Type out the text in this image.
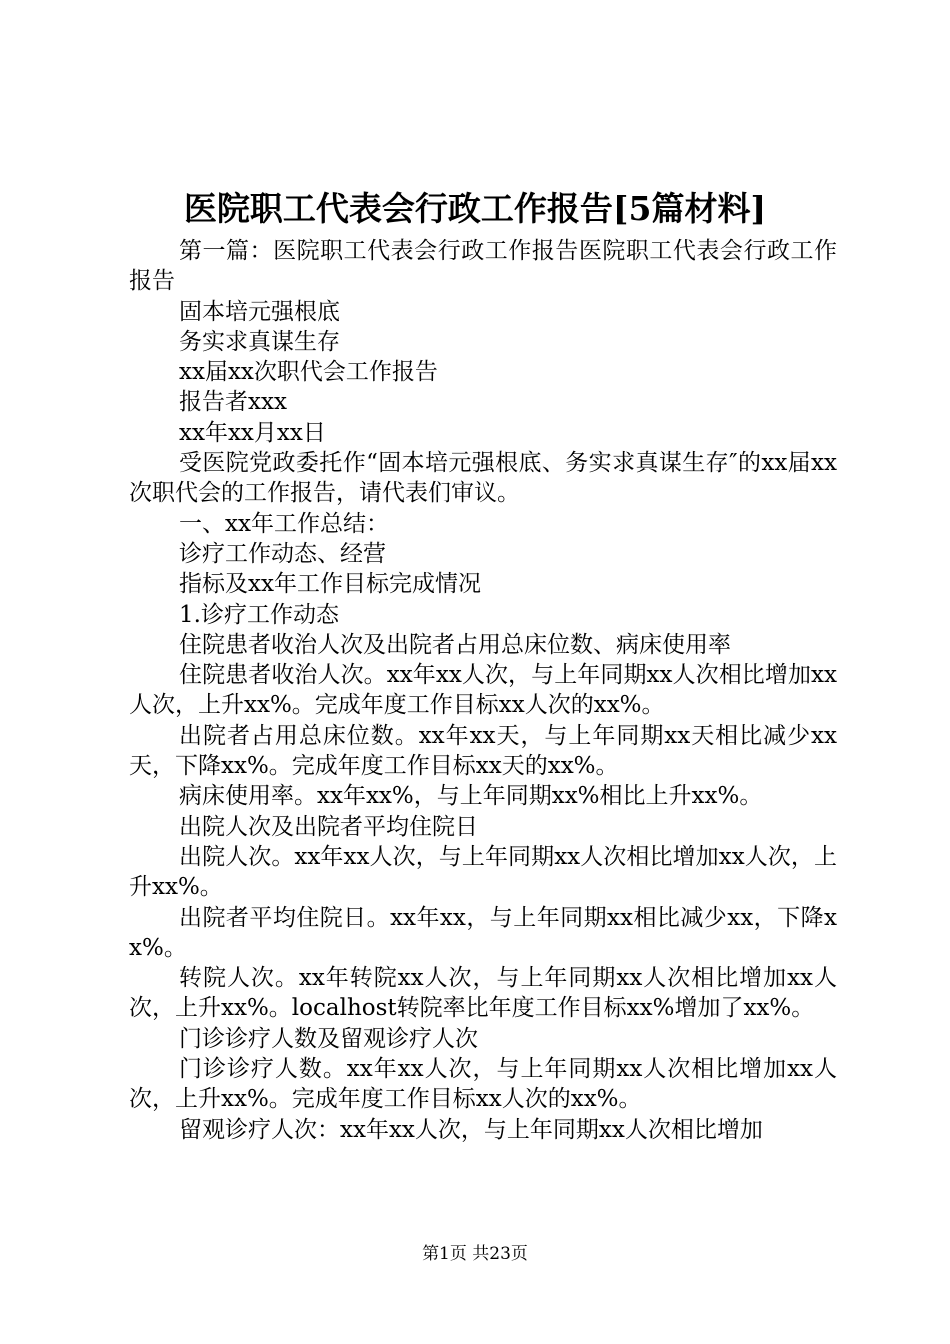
医院职工代表会行政工作报告[5篇材料]

第一篇：医院职工代表会行政工作报告医院职工代表会行政工作报告

固本培元强根底

务实求真谋生存

xx届xx次职代会工作报告

报告者xxx

xx年xx月xx日

受医院党政委托作“固本培元强根底、务实求真谋生存″的xx届xx次职代会的工作报告，请代表们审议。

一、xx年工作总结：

诊疗工作动态、经营

指标及xx年工作目标完成情况

1.诊疗工作动态

住院患者收治人次及出院者占用总床位数、病床使用率

住院患者收治人次。xx年xx人次，与上年同期xx人次相比增加xx人次，上升xx%。完成年度工作目标xx人次的xx%。

出院者占用总床位数。xx年xx天，与上年同期xx天相比减少xx天，下降xx%。完成年度工作目标xx天的xx%。

病床使用率。xx年xx%，与上年同期xx%相比上升xx%。

出院人次及出院者平均住院日

出院人次。xx年xx人次，与上年同期xx人次相比增加xx人次，上升xx%。

出院者平均住院日。xx年xx，与上年同期xx相比减少xx，下降xx%。

转院人次。xx年转院xx人次，与上年同期xx人次相比增加xx人次，上升xx%。localhost转院率比年度工作目标xx%增加了xx%。

门诊诊疗人数及留观诊疗人次

门诊诊疗人数。xx年xx人次，与上年同期xx人次相比增加xx人次，上升xx%。完成年度工作目标xx人次的xx%。

留观诊疗人次：xx年xx人次，与上年同期xx人次相比增加

第1页 共23页
